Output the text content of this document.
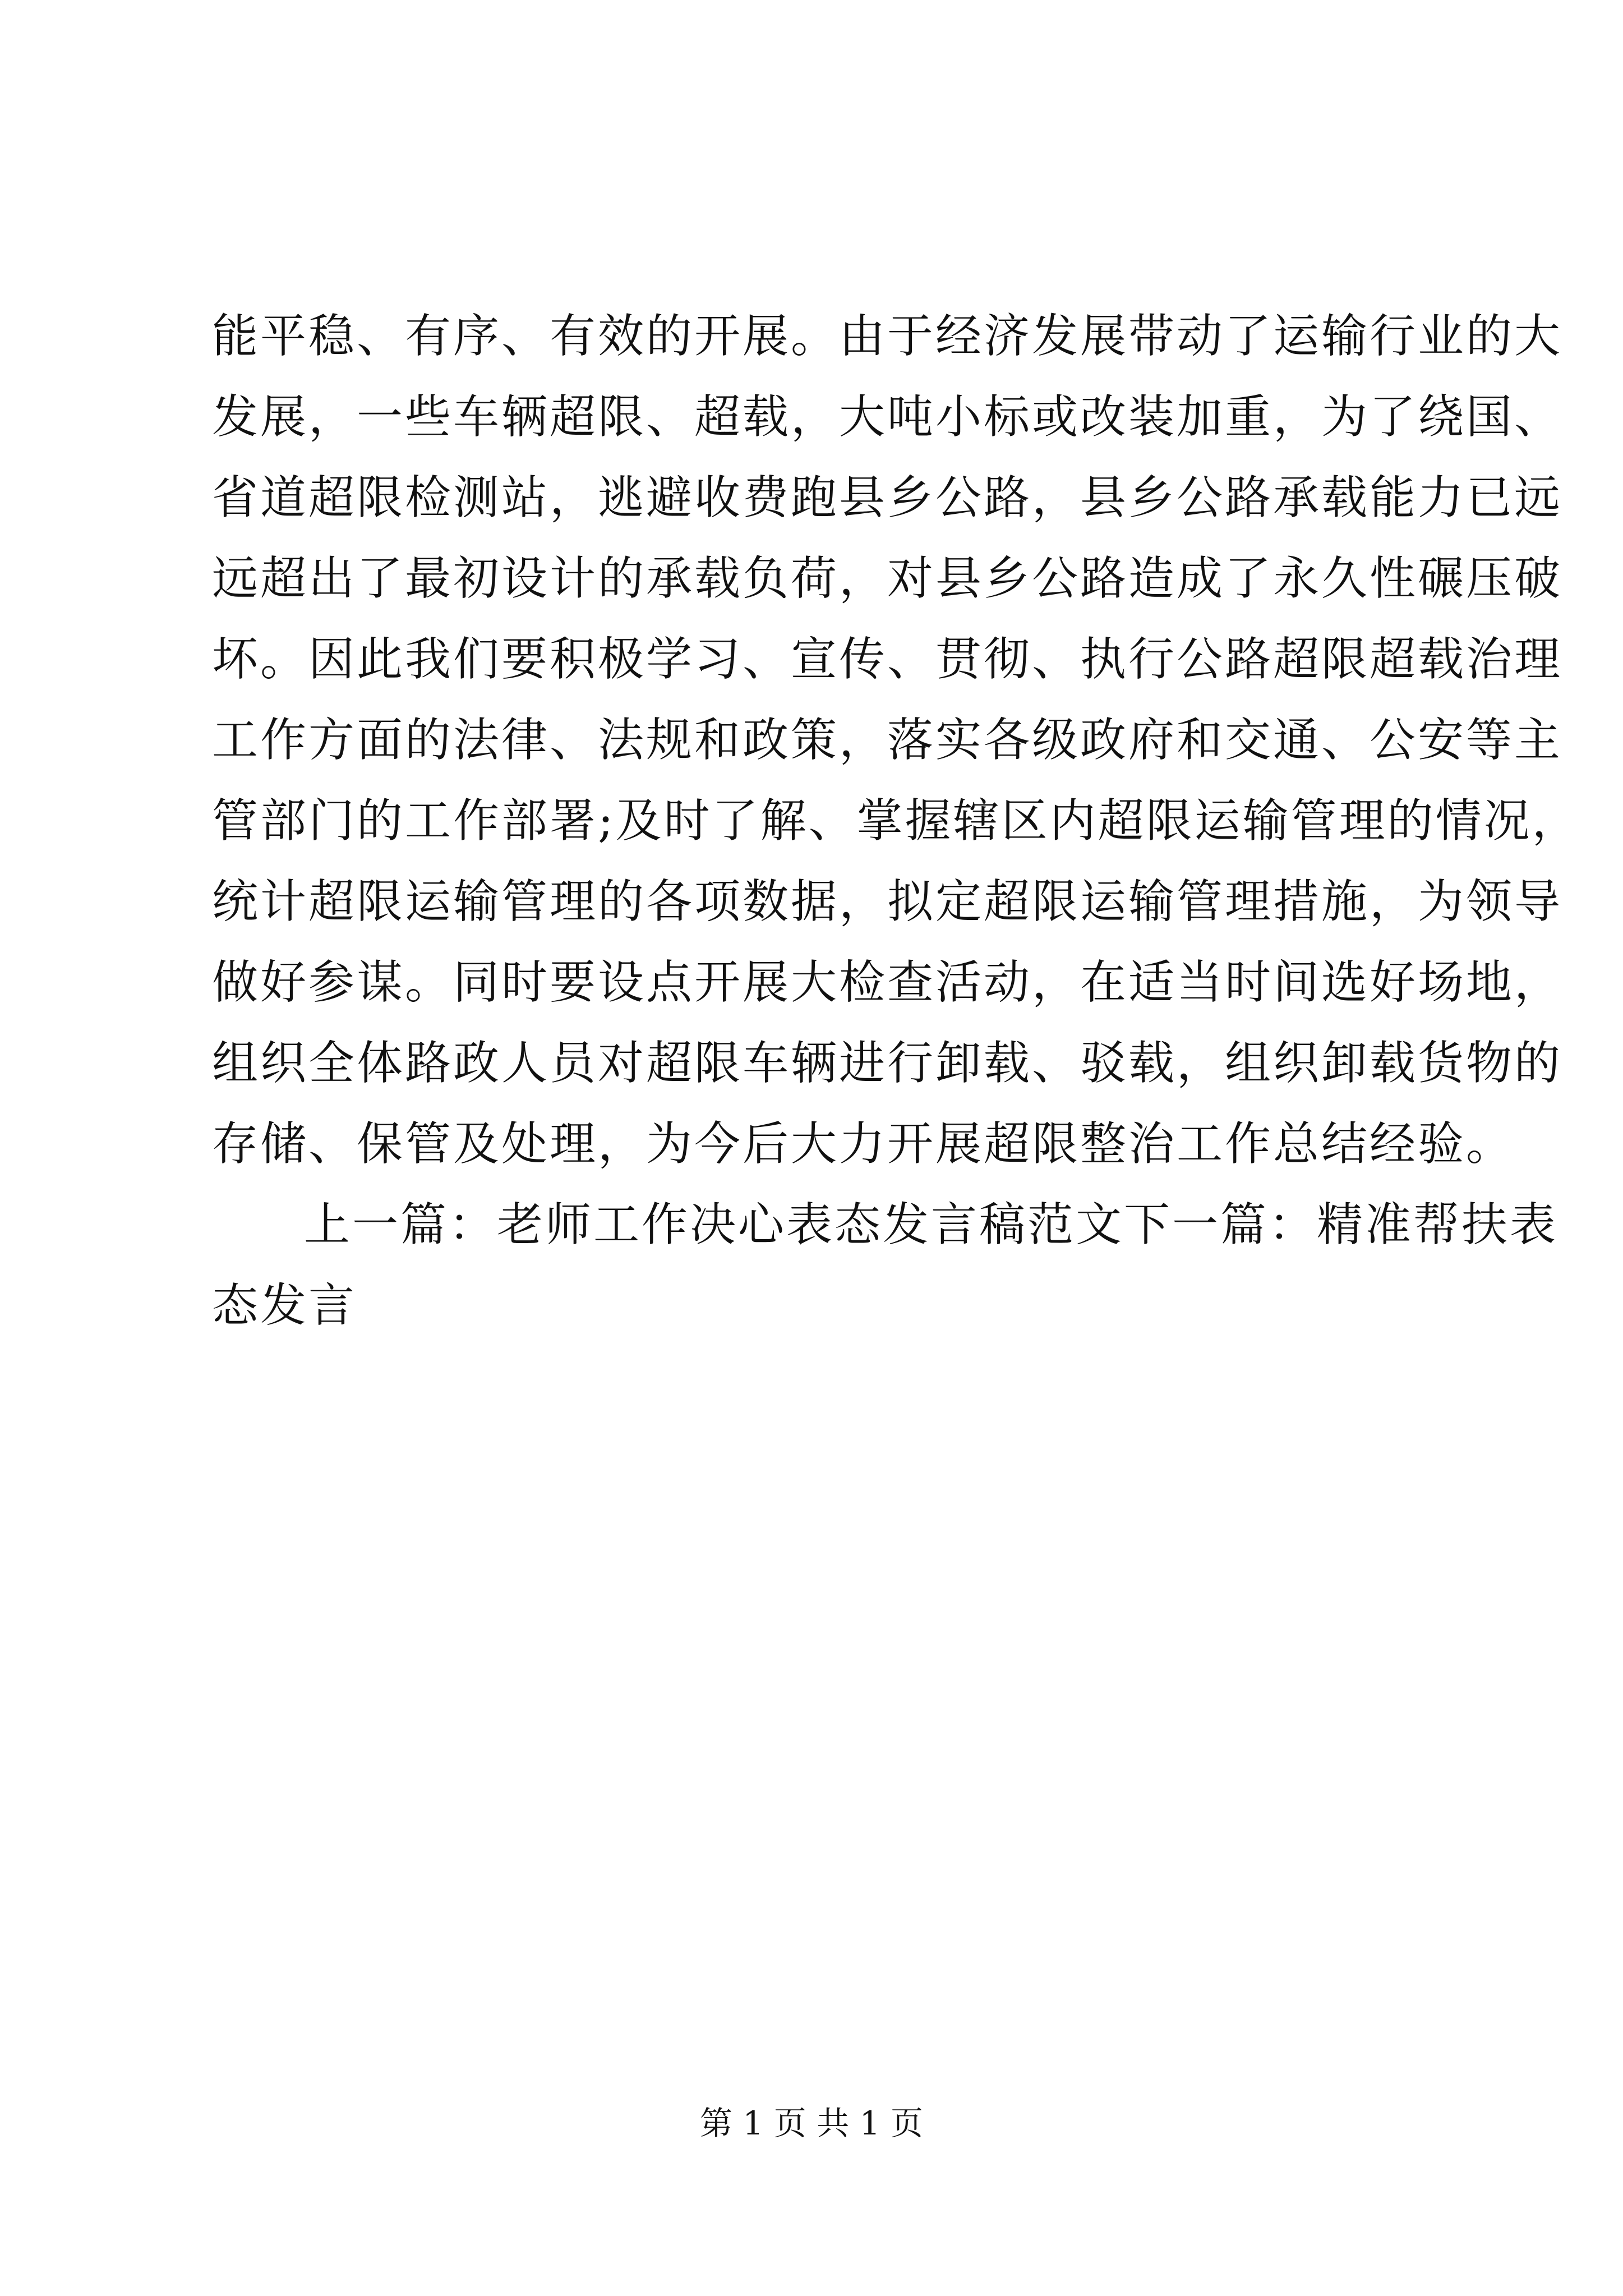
能平稳、有序、有效的开展。由于经济发展带动了运输行业的大
发展，一些车辆超限、超载，大吨小标或改装加重，为了绕国、
省道超限检测站，逃避收费跑县乡公路，县乡公路承载能力已远
远超出了最初设计的承载负荷，对县乡公路造成了永久性碾压破
坏。因此我们要积极学习、宣传、贯彻、执行公路超限超载治理
工作方面的法律、法规和政策，落实各级政府和交通、公安等主
管部门的工作部署;及时了解、掌握辖区内超限运输管理的情况，
统计超限运输管理的各项数据，拟定超限运输管理措施，为领导
做好参谋。同时要设点开展大检查活动，在适当时间选好场地，
组织全体路政人员对超限车辆进行卸载、驳载，组织卸载货物的
存储、保管及处理，为今后大力开展超限整治工作总结经验。
上一篇：老师工作决心表态发言稿范文下一篇：精准帮扶表
态发言
第 1 页 共 1 页
